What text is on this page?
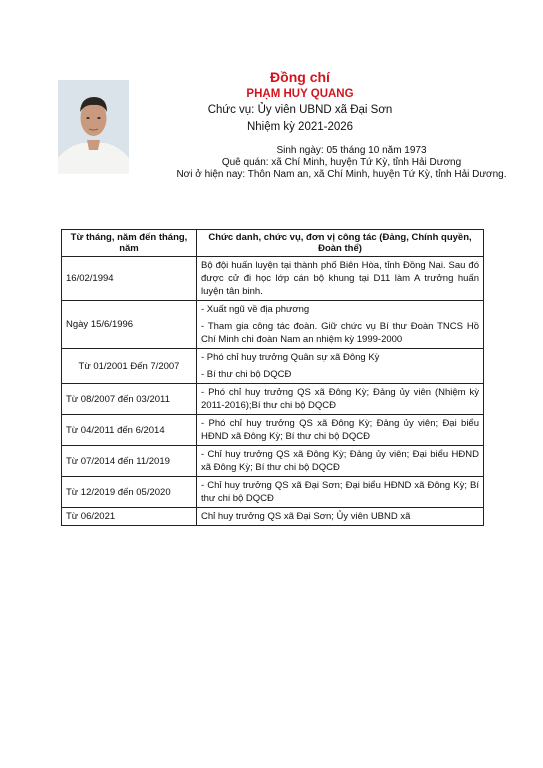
Đồng chí
PHẠM HUY QUANG
Chức vụ: Ủy viên UBND xã Đại Sơn
Nhiệm kỳ 2021-2026
Sinh ngày: 05 tháng 10 năm 1973
Quê quán: xã Chí Minh, huyện Tứ Kỳ, tỉnh Hải Dương
Nơi ở hiện nay: Thôn Nam an, xã Chí Minh, huyện Tứ Kỳ, tỉnh Hải Dương.
Từ tháng, năm đến tháng, năm	Chức danh, chức vụ, đơn vị công tác (Đảng, Chính quyền, Đoàn thể)
16/02/1994	Bộ đội huấn luyện tại thành phố Biên Hòa, tỉnh Đồng Nai. Sau đó được cử đi học lớp cán bộ khung tại D11 làm A trưởng huấn luyện tân binh.

Ngày 15/6/1996	- Xuất ngũ về địa phương

- Tham gia công tác đoàn. Giữ chức vụ Bí thư Đoàn TNCS Hồ Chí Minh chi đoàn Nam an nhiệm kỳ 1999-2000

Từ 01/2001 Đến 7/2007	- Phó chỉ huy trưởng Quân sự xã Đông Kỳ

- Bí thư chi bộ DQCĐ

Từ 08/2007 đến 03/2011	- Phó chỉ huy trưởng QS xã Đông Kỳ; Đảng ủy viên (Nhiệm kỳ 2011-2016);Bí thư chi bộ DQCĐ

Từ 04/2011 đến 6/2014	- Phó chỉ huy trưởng QS xã Đông Kỳ; Đảng ủy viên; Đại biểu HĐND xã Đông Kỳ; Bí thư chi bộ DQCĐ

Từ 07/2014 đến 11/2019	- Chỉ huy trưởng QS xã Đông Kỳ; Đảng ủy viên; Đại biểu HĐND xã Đông Kỳ; Bí thư chi bộ DQCĐ

Từ 12/2019 đến 05/2020	- Chỉ huy trưởng QS xã Đại Sơn; Đại biểu HĐND xã Đông Kỳ; Bí thư chi bộ DQCĐ

Từ 06/2021	Chỉ huy trưởng QS xã Đại Sơn; Ủy viên UBND xã
